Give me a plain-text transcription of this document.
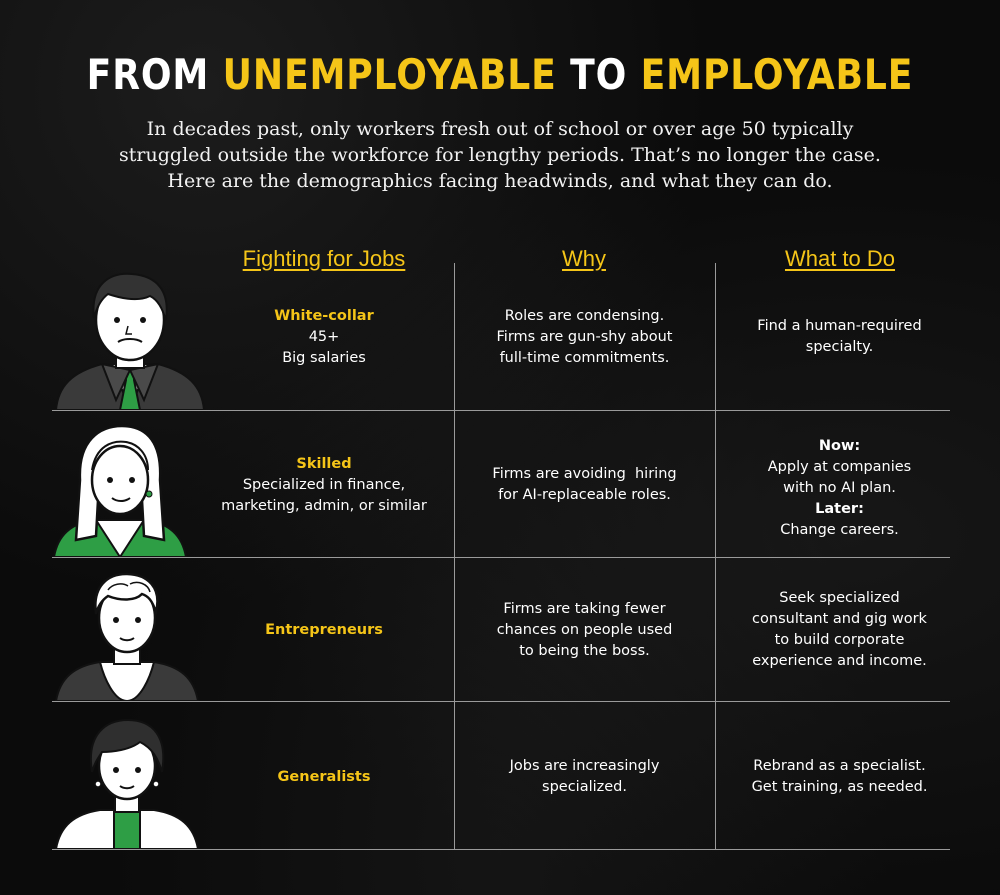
FROM UNEMPLOYABLE TO EMPLOYABLE
In decades past, only workers fresh out of school or over age 50 typically
struggled outside the workforce for lengthy periods. That’s no longer the case.
Here are the demographics facing headwinds, and what they can do.
Fighting for Jobs	Why	What to Do
White-collar
45+
Big salaries
Roles are condensing.
Firms are gun-shy about
full-time commitments.
Find a human-required
specialty.
Skilled
Specialized in finance,
marketing, admin, or similar
Firms are avoiding  hiring
for AI-replaceable roles.
Now:
Apply at companies
with no AI plan.
Later:
Change careers.
Entrepreneurs
Firms are taking fewer
chances on people used
to being the boss.
Seek specialized
consultant and gig work
to build corporate
experience and income.
Generalists
Jobs are increasingly
specialized.
Rebrand as a specialist.
Get training, as needed.
